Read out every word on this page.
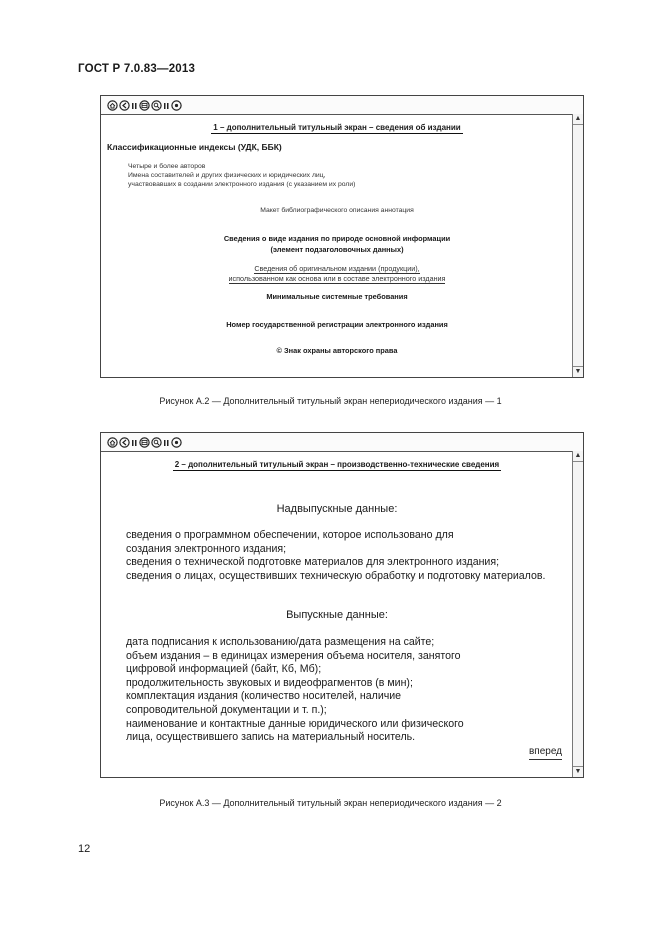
ГОСТ Р 7.0.83—2013
▲
▼
1 – дополнительный титульный экран – сведения об издании
Классификационные индексы (УДК, ББК)
Четыре и более авторов
Имена составителей и других физических и юридических лиц,
участвовавших в создании электронного издания (с указанием их роли)
Макет библиографического описания аннотация
Сведения о виде издания по природе основной информации
(элемент подзаголовочных данных)
Сведения об оригинальном издании (продукции),
использованном как основа или в составе электронного издания
Минимальные системные требования
Номер государственной регистрации электронного издания
© Знак охраны авторского права
Рисунок А.2 — Дополнительный титульный экран непериодического издания — 1
▲
▼
2 – дополнительный титульный экран – производственно-технические сведения
Надвыпускные данные:
сведения о программном обеспечении, которое использовано для
создания электронного издания;
сведения о технической подготовке материалов для электронного издания;
сведения о лицах, осуществивших техническую обработку и подготовку материалов.
Выпускные данные:
дата подписания к использованию/дата размещения на сайте;
объем издания – в единицах измерения объема носителя, занятого
цифровой информацией (байт, Кб, Мб);
продолжительность звуковых и видеофрагментов (в мин);
комплектация издания (количество носителей, наличие
сопроводительной документации и т. п.);
наименование и контактные данные юридического или физического
лица, осуществившего запись на материальный носитель.
вперед
Рисунок А.3 — Дополнительный титульный экран непериодического издания — 2
12
